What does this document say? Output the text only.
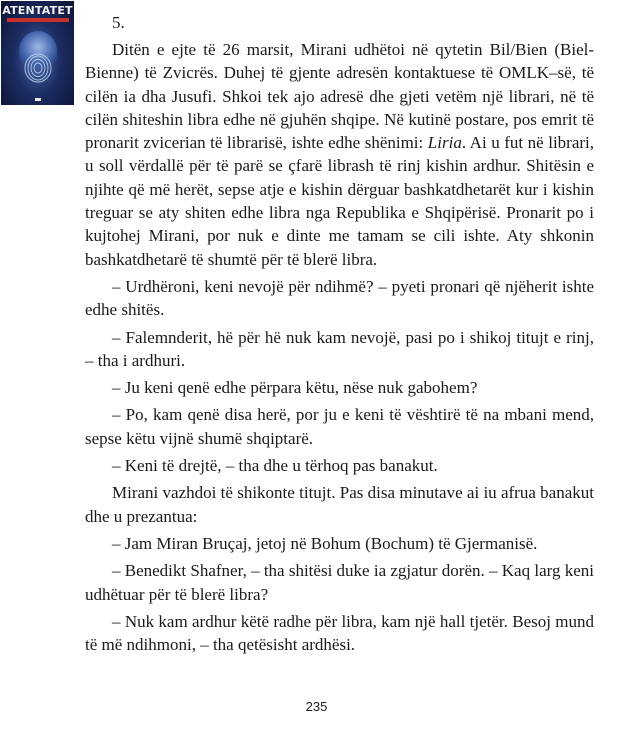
ATENTATET

5.

Ditën e ejte të 26 marsit, Mirani udhëtoi në qytetin Bil/Bien (Biel-Bienne) të Zvicrës. Duhej të gjente adresën kontaktuese të OMLK–së, të cilën ia dha Jusufi. Shkoi tek ajo adresë dhe gjeti vetëm një librari, në të cilën shiteshin libra edhe në gjuhën shqipe. Në kutinë postare, pos emrit të pronarit zvicerian të librarisë, ishte edhe shënimi: Liria. Ai u fut në librari, u soll vërdallë për të parë se çfarë librash të rinj kishin ardhur. Shitësin e njihte që më herët, sepse atje e kishin dërguar bashkatdhetarët kur i kishin treguar se aty shiten edhe libra nga Republika e Shqipërisë. Pronarit po i kujtohej Mirani, por nuk e dinte me tamam se cili ishte. Aty shkonin bashkatdhetarë të shumtë për të blerë libra.

– Urdhëroni, keni nevojë për ndihmë? – pyeti pronari që njëherit ishte edhe shitës.

– Falemnderit, hë për hë nuk kam nevojë, pasi po i shikoj titujt e rinj, – tha i ardhuri.

– Ju keni qenë edhe përpara këtu, nëse nuk gabohem?

– Po, kam qenë disa herë, por ju e keni të vështirë të na mbani mend, sepse këtu vijnë shumë shqiptarë.

– Keni të drejtë, – tha dhe u tërhoq pas banakut.

Mirani vazhdoi të shikonte titujt. Pas disa minutave ai iu afrua banakut dhe u prezantua:

– Jam Miran Bruçaj, jetoj në Bohum (Bochum) të Gjermanisë.

– Benedikt Shafner, – tha shitësi duke ia zgjatur dorën. – Kaq larg keni udhëtuar për të blerë libra?

– Nuk kam ardhur këtë radhe për libra, kam një hall tjetër. Besoj mund të më ndihmoni, – tha qetësisht ardhësi.

235
